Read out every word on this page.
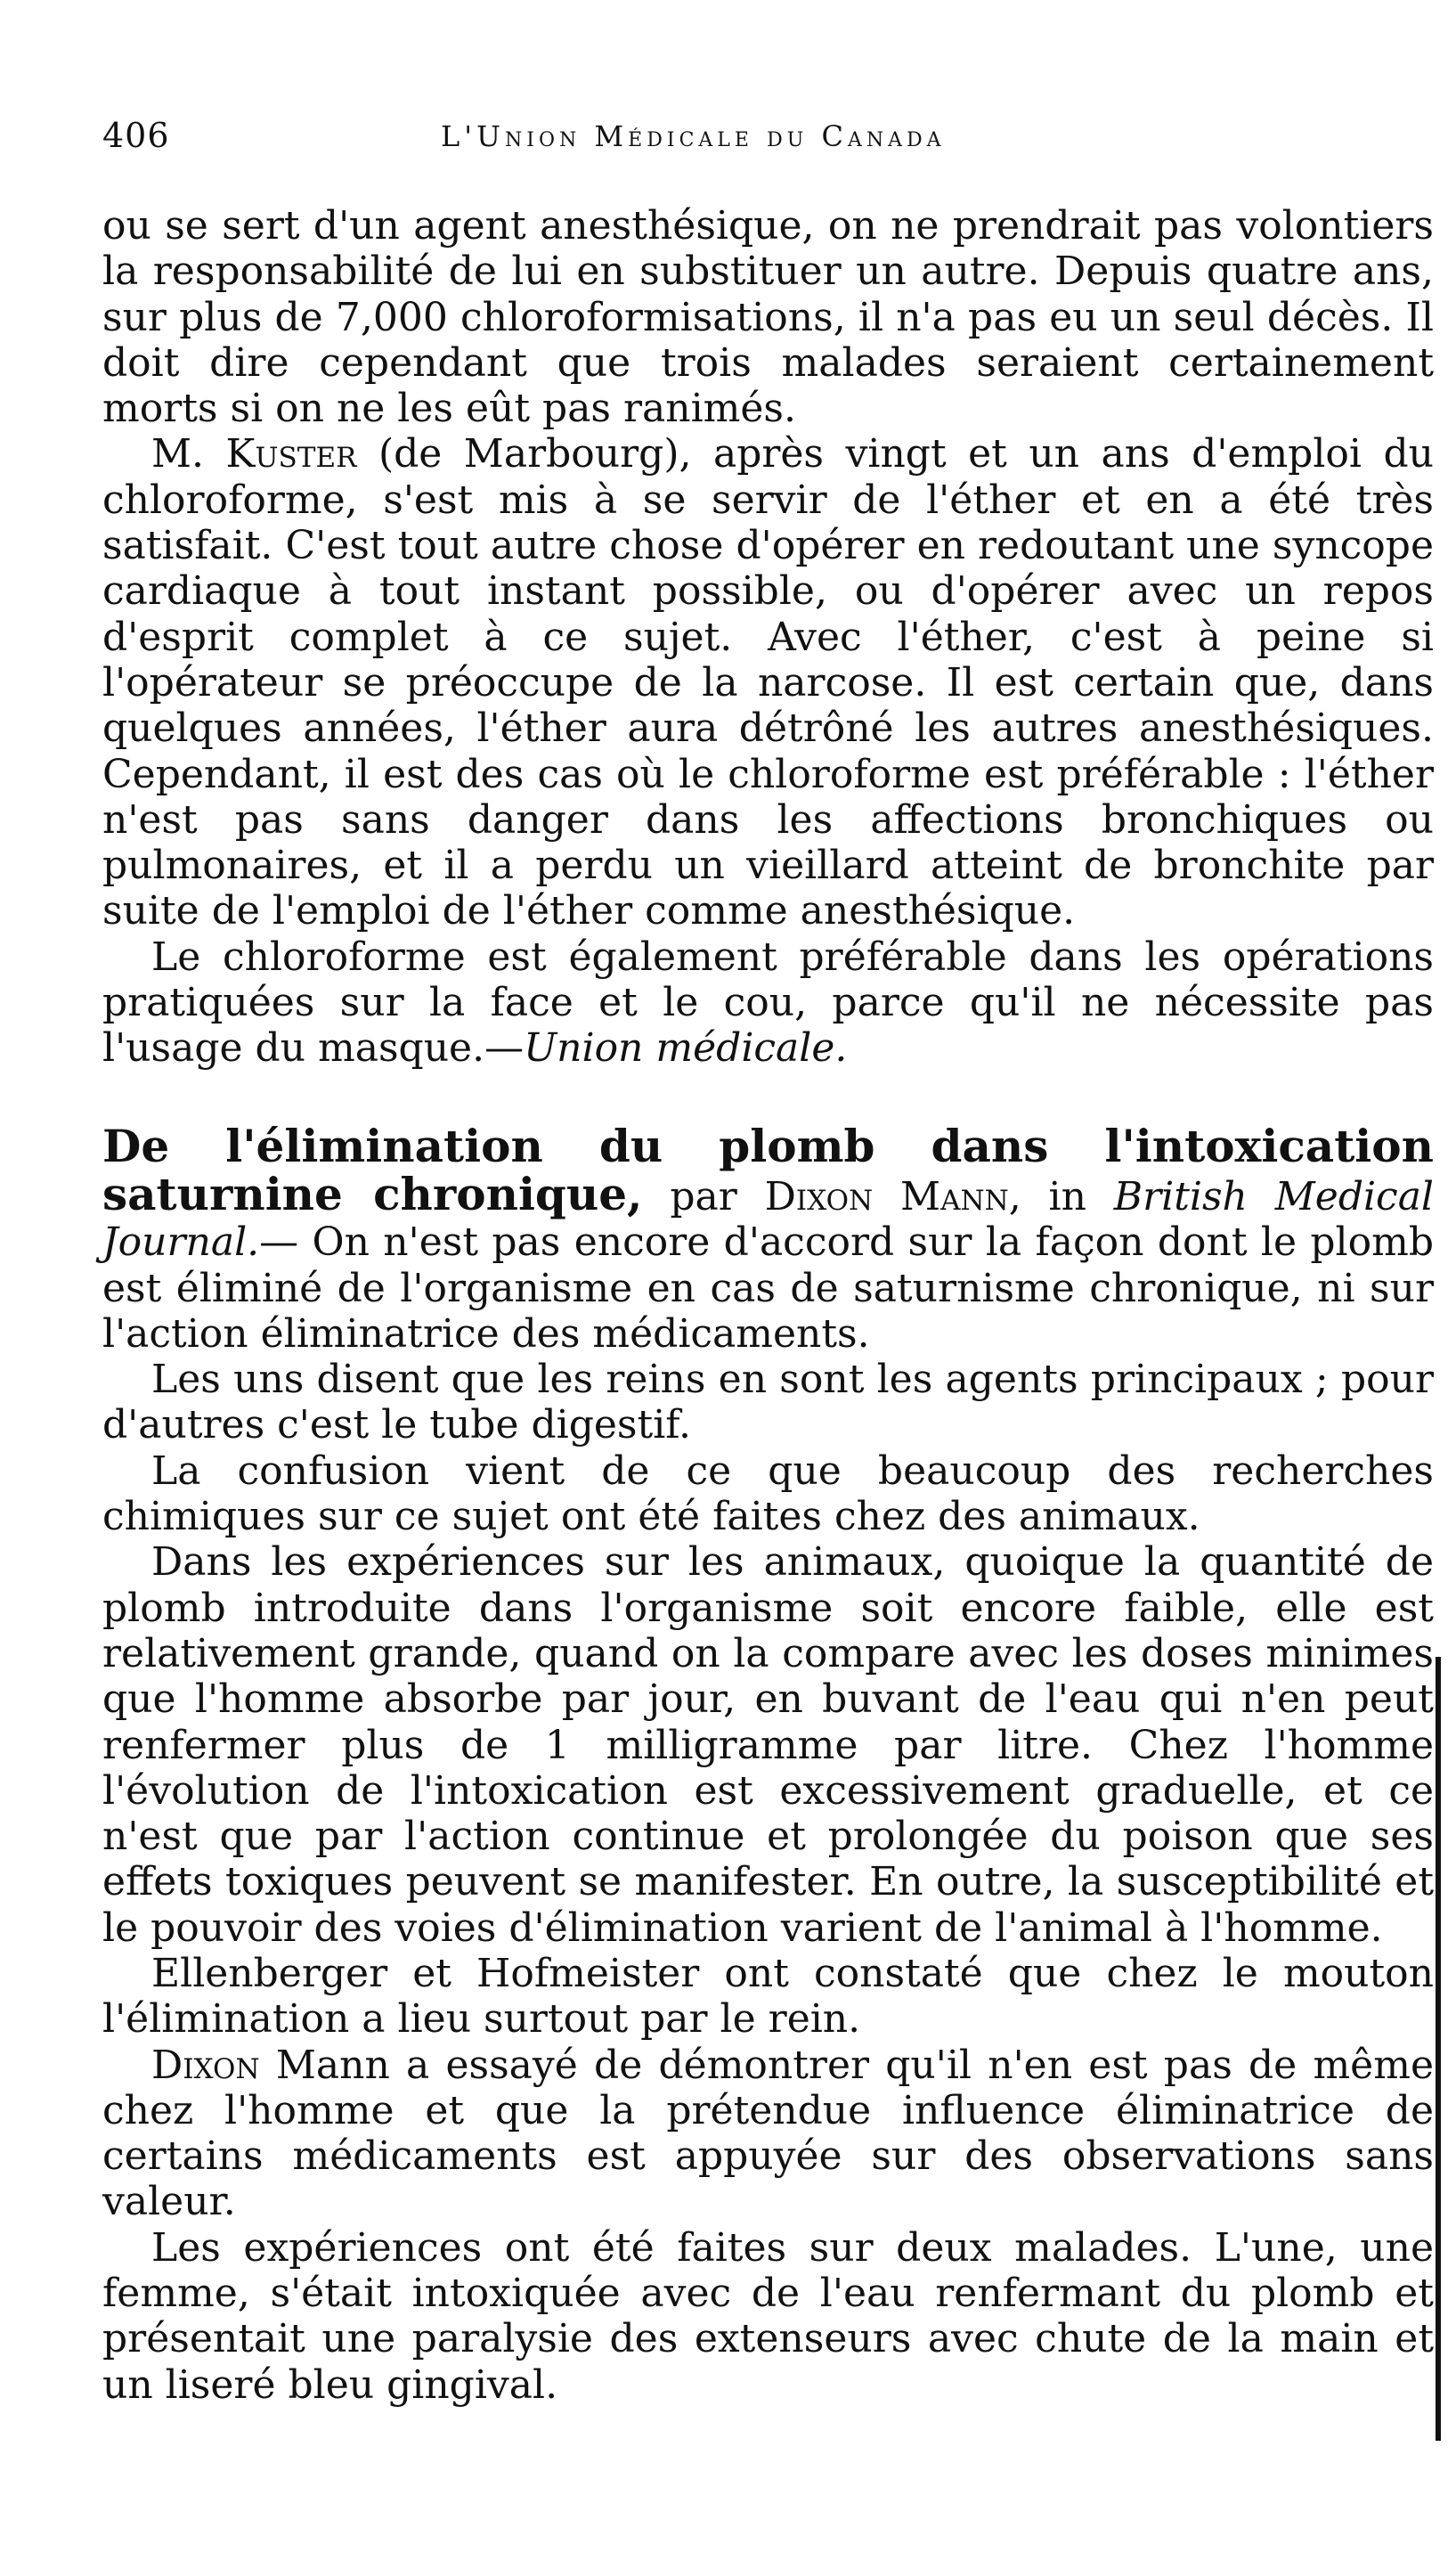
406	L'Union Médicale du Canada

ou se sert d'un agent anesthésique, on ne prendrait pas volontiers la responsabilité de lui en substituer un autre. Depuis quatre ans, sur plus de 7,000 chloroformisations, il n'a pas eu un seul décès. Il doit dire cependant que trois malades seraient certainement morts si on ne les eût pas ranimés.

M. Kuster (de Marbourg), après vingt et un ans d'emploi du chloroforme, s'est mis à se servir de l'éther et en a été très satisfait. C'est tout autre chose d'opérer en redoutant une syncope cardiaque à tout instant possible, ou d'opérer avec un repos d'esprit complet à ce sujet. Avec l'éther, c'est à peine si l'opérateur se préoccupe de la narcose. Il est certain que, dans quelques années, l'éther aura détrôné les autres anesthésiques. Cependant, il est des cas où le chloroforme est préférable : l'éther n'est pas sans danger dans les affections bronchiques ou pulmonaires, et il a perdu un vieillard atteint de bronchite par suite de l'emploi de l'éther comme anesthésique.

Le chloroforme est également préférable dans les opérations pratiquées sur la face et le cou, parce qu'il ne nécessite pas l'usage du masque.—Union médicale.

De l'élimination du plomb dans l'intoxication saturnine chronique, par Dixon Mann, in British Medical Journal.— On n'est pas encore d'accord sur la façon dont le plomb est éliminé de l'organisme en cas de saturnisme chronique, ni sur l'action éliminatrice des médicaments.

Les uns disent que les reins en sont les agents principaux ; pour d'autres c'est le tube digestif.

La confusion vient de ce que beaucoup des recherches chimiques sur ce sujet ont été faites chez des animaux.

Dans les expériences sur les animaux, quoique la quantité de plomb introduite dans l'organisme soit encore faible, elle est relativement grande, quand on la compare avec les doses minimes que l'homme absorbe par jour, en buvant de l'eau qui n'en peut renfermer plus de 1 milligramme par litre. Chez l'homme l'évolution de l'intoxication est excessivement graduelle, et ce n'est que par l'action continue et prolongée du poison que ses effets toxiques peuvent se manifester. En outre, la susceptibilité et le pouvoir des voies d'élimination varient de l'animal à l'homme.

Ellenberger et Hofmeister ont constaté que chez le mouton l'élimination a lieu surtout par le rein.

Dixon Mann a essayé de démontrer qu'il n'en est pas de même chez l'homme et que la prétendue influence éliminatrice de certains médicaments est appuyée sur des observations sans valeur.

Les expériences ont été faites sur deux malades. L'une, une femme, s'était intoxiquée avec de l'eau renfermant du plomb et présentait une paralysie des extenseurs avec chute de la main et un liseré bleu gingival.
